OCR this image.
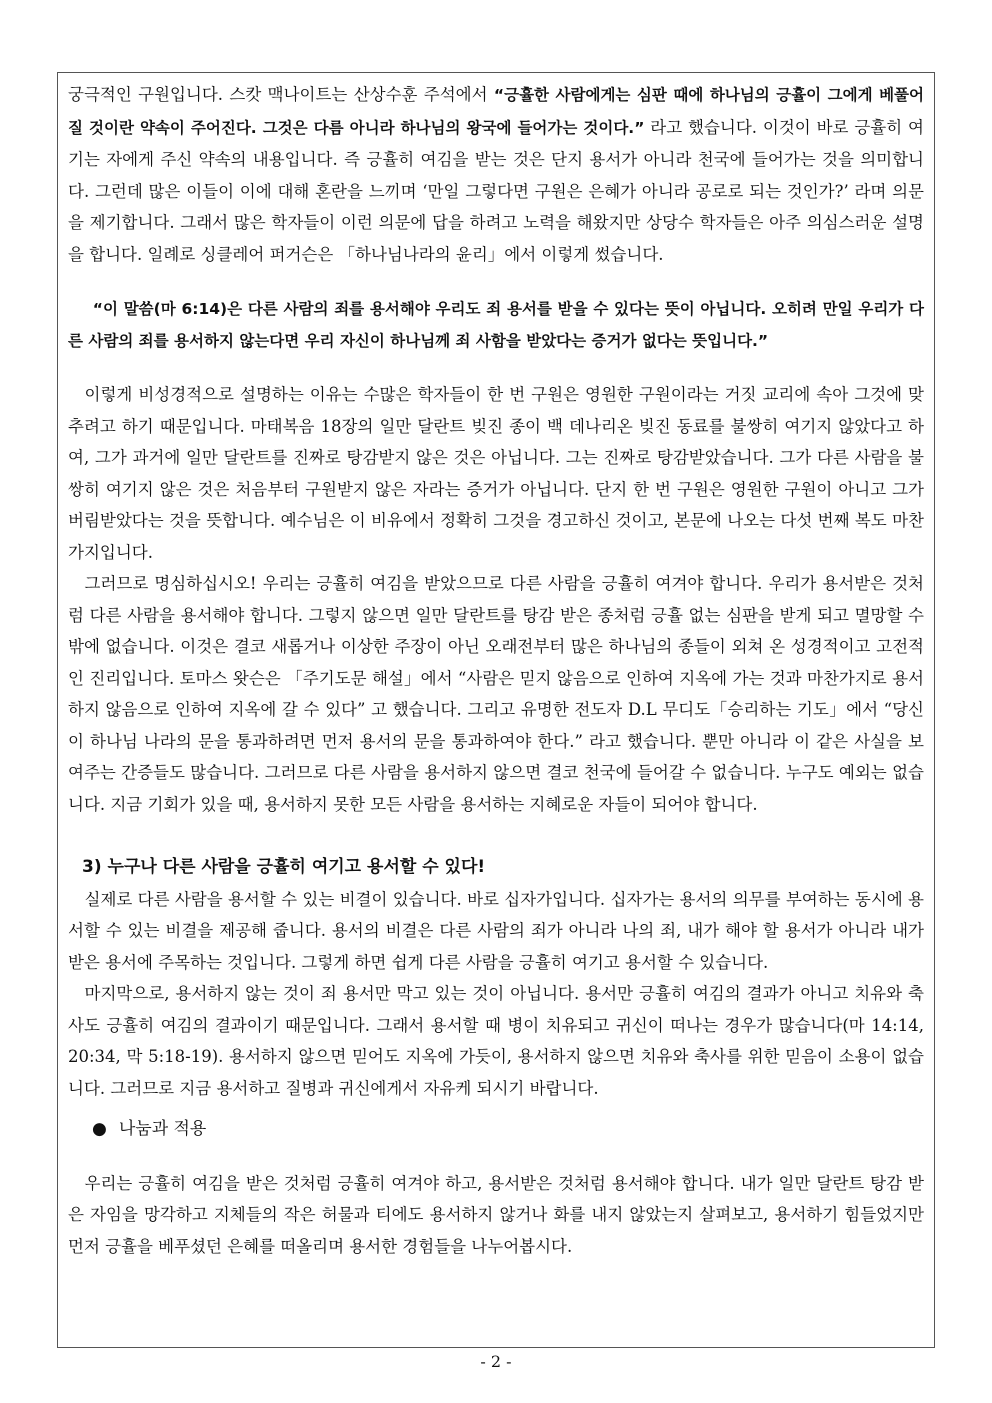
궁극적인 구원입니다. 스캇 맥나이트는 산상수훈 주석에서 “긍휼한 사람에게는 심판 때에 하나님의 긍휼이 그에게 베풀어질 것이란 약속이 주어진다. 그것은 다름 아니라 하나님의 왕국에 들어가는 것이다.” 라고 했습니다. 이것이 바로 긍휼히 여기는 자에게 주신 약속의 내용입니다. 즉 긍휼히 여김을 받는 것은 단지 용서가 아니라 천국에 들어가는 것을 의미합니다. 그런데 많은 이들이 이에 대해 혼란을 느끼며 ‘만일 그렇다면 구원은 은혜가 아니라 공로로 되는 것인가?’ 라며 의문을 제기합니다. 그래서 많은 학자들이 이런 의문에 답을 하려고 노력을 해왔지만 상당수 학자들은 아주 의심스러운 설명을 합니다. 일례로 싱클레어 퍼거슨은 「하나님나라의 윤리」에서 이렇게 썼습니다.

“이 말씀(마 6:14)은 다른 사람의 죄를 용서해야 우리도 죄 용서를 받을 수 있다는 뜻이 아닙니다. 오히려 만일 우리가 다른 사람의 죄를 용서하지 않는다면 우리 자신이 하나님께 죄 사함을 받았다는 증거가 없다는 뜻입니다.”

이렇게 비성경적으로 설명하는 이유는 수많은 학자들이 한 번 구원은 영원한 구원이라는 거짓 교리에 속아 그것에 맞추려고 하기 때문입니다. 마태복음 18장의 일만 달란트 빚진 종이 백 데나리온 빚진 동료를 불쌍히 여기지 않았다고 하여, 그가 과거에 일만 달란트를 진짜로 탕감받지 않은 것은 아닙니다. 그는 진짜로 탕감받았습니다. 그가 다른 사람을 불쌍히 여기지 않은 것은 처음부터 구원받지 않은 자라는 증거가 아닙니다. 단지 한 번 구원은 영원한 구원이 아니고 그가 버림받았다는 것을 뜻합니다. 예수님은 이 비유에서 정확히 그것을 경고하신 것이고, 본문에 나오는 다섯 번째 복도 마찬가지입니다.

그러므로 명심하십시오! 우리는 긍휼히 여김을 받았으므로 다른 사람을 긍휼히 여겨야 합니다. 우리가 용서받은 것처럼 다른 사람을 용서해야 합니다. 그렇지 않으면 일만 달란트를 탕감 받은 종처럼 긍휼 없는 심판을 받게 되고 멸망할 수밖에 없습니다. 이것은 결코 새롭거나 이상한 주장이 아닌 오래전부터 많은 하나님의 종들이 외쳐 온 성경적이고 고전적인 진리입니다. 토마스 왓슨은 「주기도문 해설」에서 “사람은 믿지 않음으로 인하여 지옥에 가는 것과 마찬가지로 용서하지 않음으로 인하여 지옥에 갈 수 있다” 고 했습니다. 그리고 유명한 전도자 D.L 무디도「승리하는 기도」에서 “당신이 하나님 나라의 문을 통과하려면 먼저 용서의 문을 통과하여야 한다.” 라고 했습니다. 뿐만 아니라 이 같은 사실을 보여주는 간증들도 많습니다. 그러므로 다른 사람을 용서하지 않으면 결코 천국에 들어갈 수 없습니다. 누구도 예외는 없습니다. 지금 기회가 있을 때, 용서하지 못한 모든 사람을 용서하는 지혜로운 자들이 되어야 합니다.

3) 누구나 다른 사람을 긍휼히 여기고 용서할 수 있다!

실제로 다른 사람을 용서할 수 있는 비결이 있습니다. 바로 십자가입니다. 십자가는 용서의 의무를 부여하는 동시에 용서할 수 있는 비결을 제공해 줍니다. 용서의 비결은 다른 사람의 죄가 아니라 나의 죄, 내가 해야 할 용서가 아니라 내가 받은 용서에 주목하는 것입니다. 그렇게 하면 쉽게 다른 사람을 긍휼히 여기고 용서할 수 있습니다.

마지막으로, 용서하지 않는 것이 죄 용서만 막고 있는 것이 아닙니다. 용서만 긍휼히 여김의 결과가 아니고 치유와 축사도 긍휼히 여김의 결과이기 때문입니다. 그래서 용서할 때 병이 치유되고 귀신이 떠나는 경우가 많습니다(마 14:14, 20:34, 막 5:18-19). 용서하지 않으면 믿어도 지옥에 가듯이, 용서하지 않으면 치유와 축사를 위한 믿음이 소용이 없습니다. 그러므로 지금 용서하고 질병과 귀신에게서 자유케 되시기 바랍니다.

● 나눔과 적용

우리는 긍휼히 여김을 받은 것처럼 긍휼히 여겨야 하고, 용서받은 것처럼 용서해야 합니다. 내가 일만 달란트 탕감 받은 자임을 망각하고 지체들의 작은 허물과 티에도 용서하지 않거나 화를 내지 않았는지 살펴보고, 용서하기 힘들었지만 먼저 긍휼을 베푸셨던 은혜를 떠올리며 용서한 경험들을 나누어봅시다.

- 2 -
